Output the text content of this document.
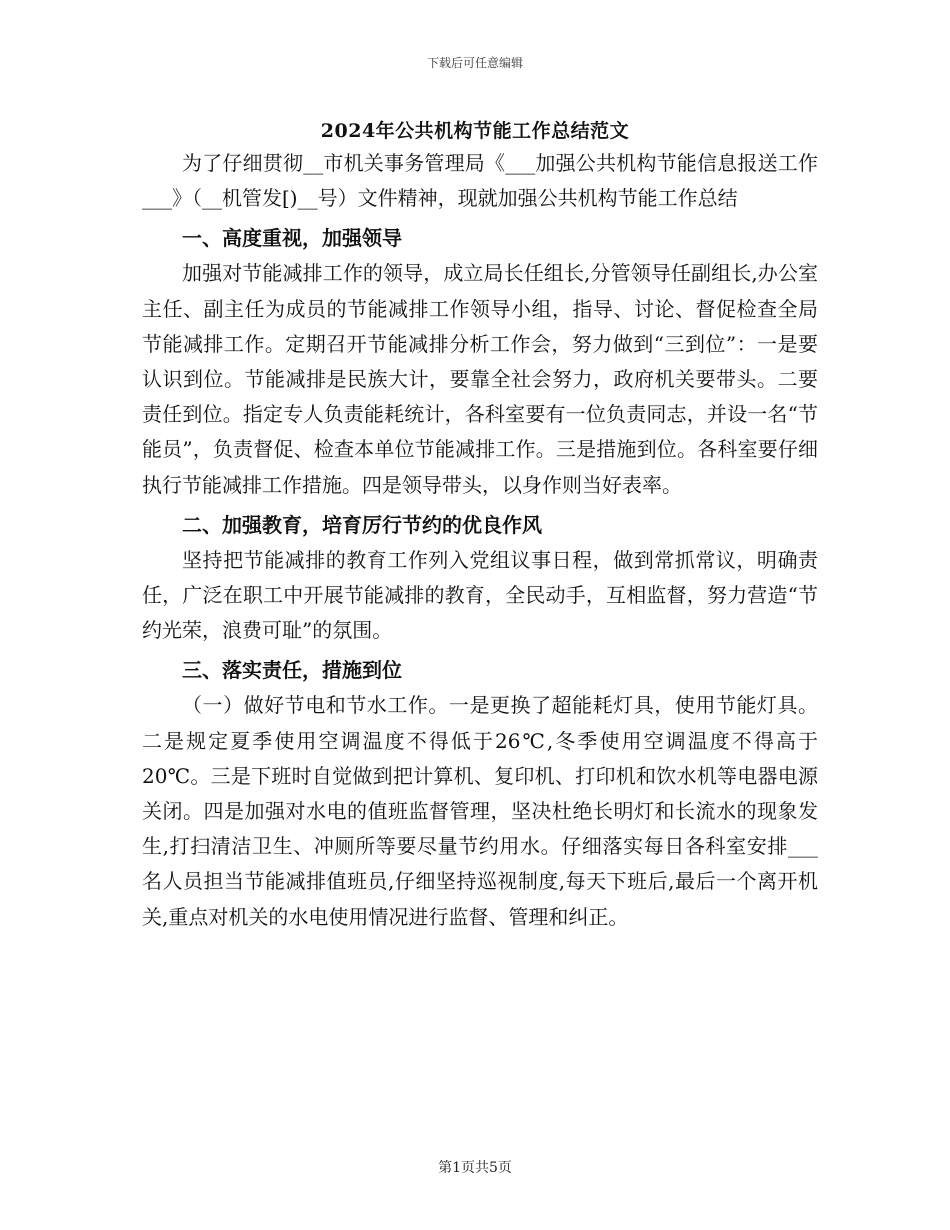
下载后可任意编辑
2024年公共机构节能工作总结范文

为了仔细贯彻__市机关事务管理局《___加强公共机构节能信息报送工作___》（__机管发[)__号）文件精神，现就加强公共机构节能工作总结

一、高度重视，加强领导

加强对节能减排工作的领导，成立局长任组长,分管领导任副组长,办公室主任、副主任为成员的节能减排工作领导小组，指导、讨论、督促检查全局节能减排工作。定期召开节能减排分析工作会，努力做到“三到位”：一是要认识到位。节能减排是民族大计，要靠全社会努力，政府机关要带头。二要责任到位。指定专人负责能耗统计，各科室要有一位负责同志，并设一名“节能员”，负责督促、检查本单位节能减排工作。三是措施到位。各科室要仔细执行节能减排工作措施。四是领导带头，以身作则当好表率。

二、加强教育，培育厉行节约的优良作风

坚持把节能减排的教育工作列入党组议事日程，做到常抓常议，明确责任，广泛在职工中开展节能减排的教育，全民动手，互相监督，努力营造“节约光荣，浪费可耻”的氛围。

三、落实责任，措施到位

（一）做好节电和节水工作。一是更换了超能耗灯具，使用节能灯具。二是规定夏季使用空调温度不得低于26℃,冬季使用空调温度不得高于20℃。三是下班时自觉做到把计算机、复印机、打印机和饮水机等电器电源关闭。四是加强对水电的值班监督管理，坚决杜绝长明灯和长流水的现象发生,打扫清洁卫生、冲厕所等要尽量节约用水。仔细落实每日各科室安排___名人员担当节能减排值班员,仔细坚持巡视制度,每天下班后,最后一个离开机关,重点对机关的水电使用情况进行监督、管理和纠正。

第1页共5页
